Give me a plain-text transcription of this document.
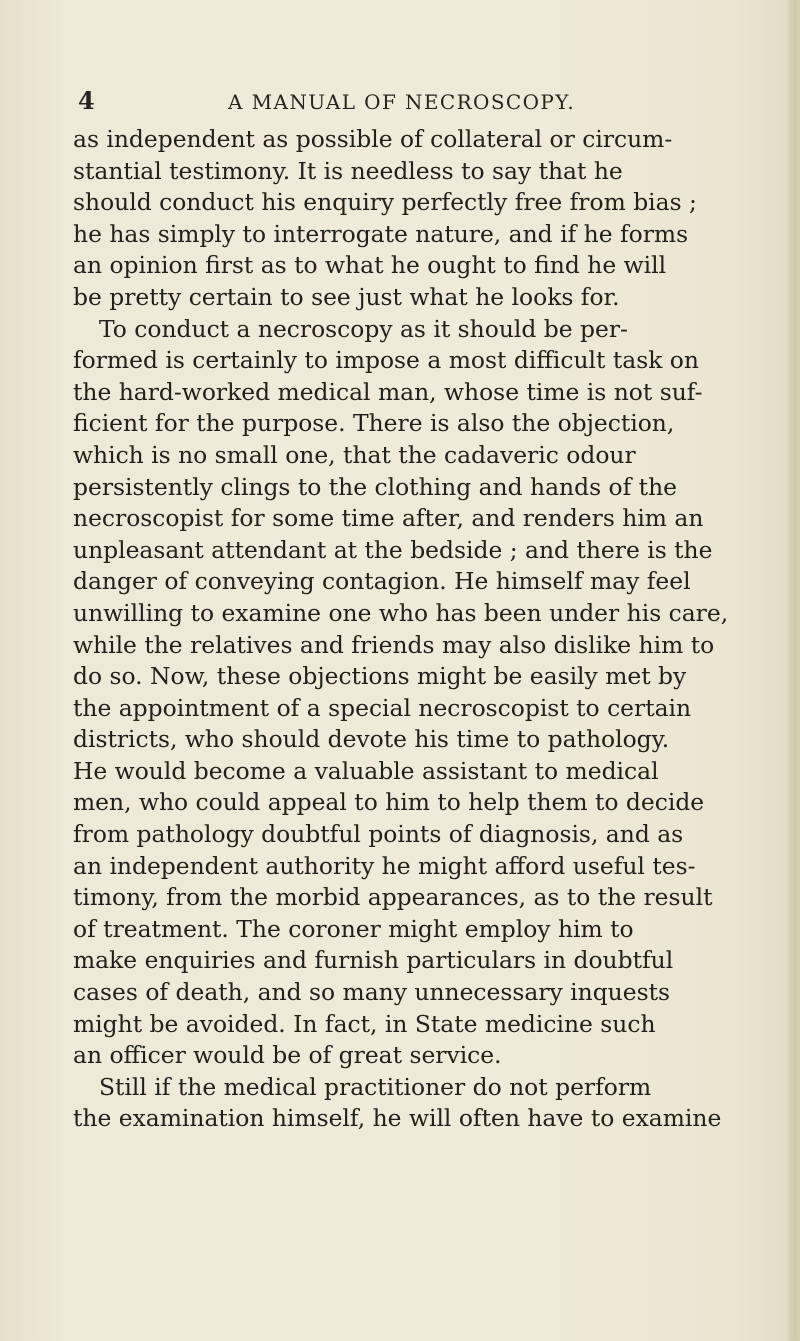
4	A MANUAL OF NECROSCOPY.
as independent as possible of collateral or circum-
stantial testimony. It is needless to say that he
should conduct his enquiry perfectly free from bias ;
he has simply to interrogate nature, and if he forms
an opinion first as to what he ought to find he will
be pretty certain to see just what he looks for.
To conduct a necroscopy as it should be per-
formed is certainly to impose a most difficult task on
the hard-worked medical man, whose time is not suf-
ficient for the purpose. There is also the objection,
which is no small one, that the cadaveric odour
persistently clings to the clothing and hands of the
necroscopist for some time after, and renders him an
unpleasant attendant at the bedside ; and there is the
danger of conveying contagion. He himself may feel
unwilling to examine one who has been under his care,
while the relatives and friends may also dislike him to
do so. Now, these objections might be easily met by
the appointment of a special necroscopist to certain
districts, who should devote his time to pathology.
He would become a valuable assistant to medical
men, who could appeal to him to help them to decide
from pathology doubtful points of diagnosis, and as
an independent authority he might afford useful tes-
timony, from the morbid appearances, as to the result
of treatment. The coroner might employ him to
make enquiries and furnish particulars in doubtful
cases of death, and so many unnecessary inquests
might be avoided. In fact, in State medicine such
an officer would be of great service.
Still if the medical practitioner do not perform
the examination himself, he will often have to examine
